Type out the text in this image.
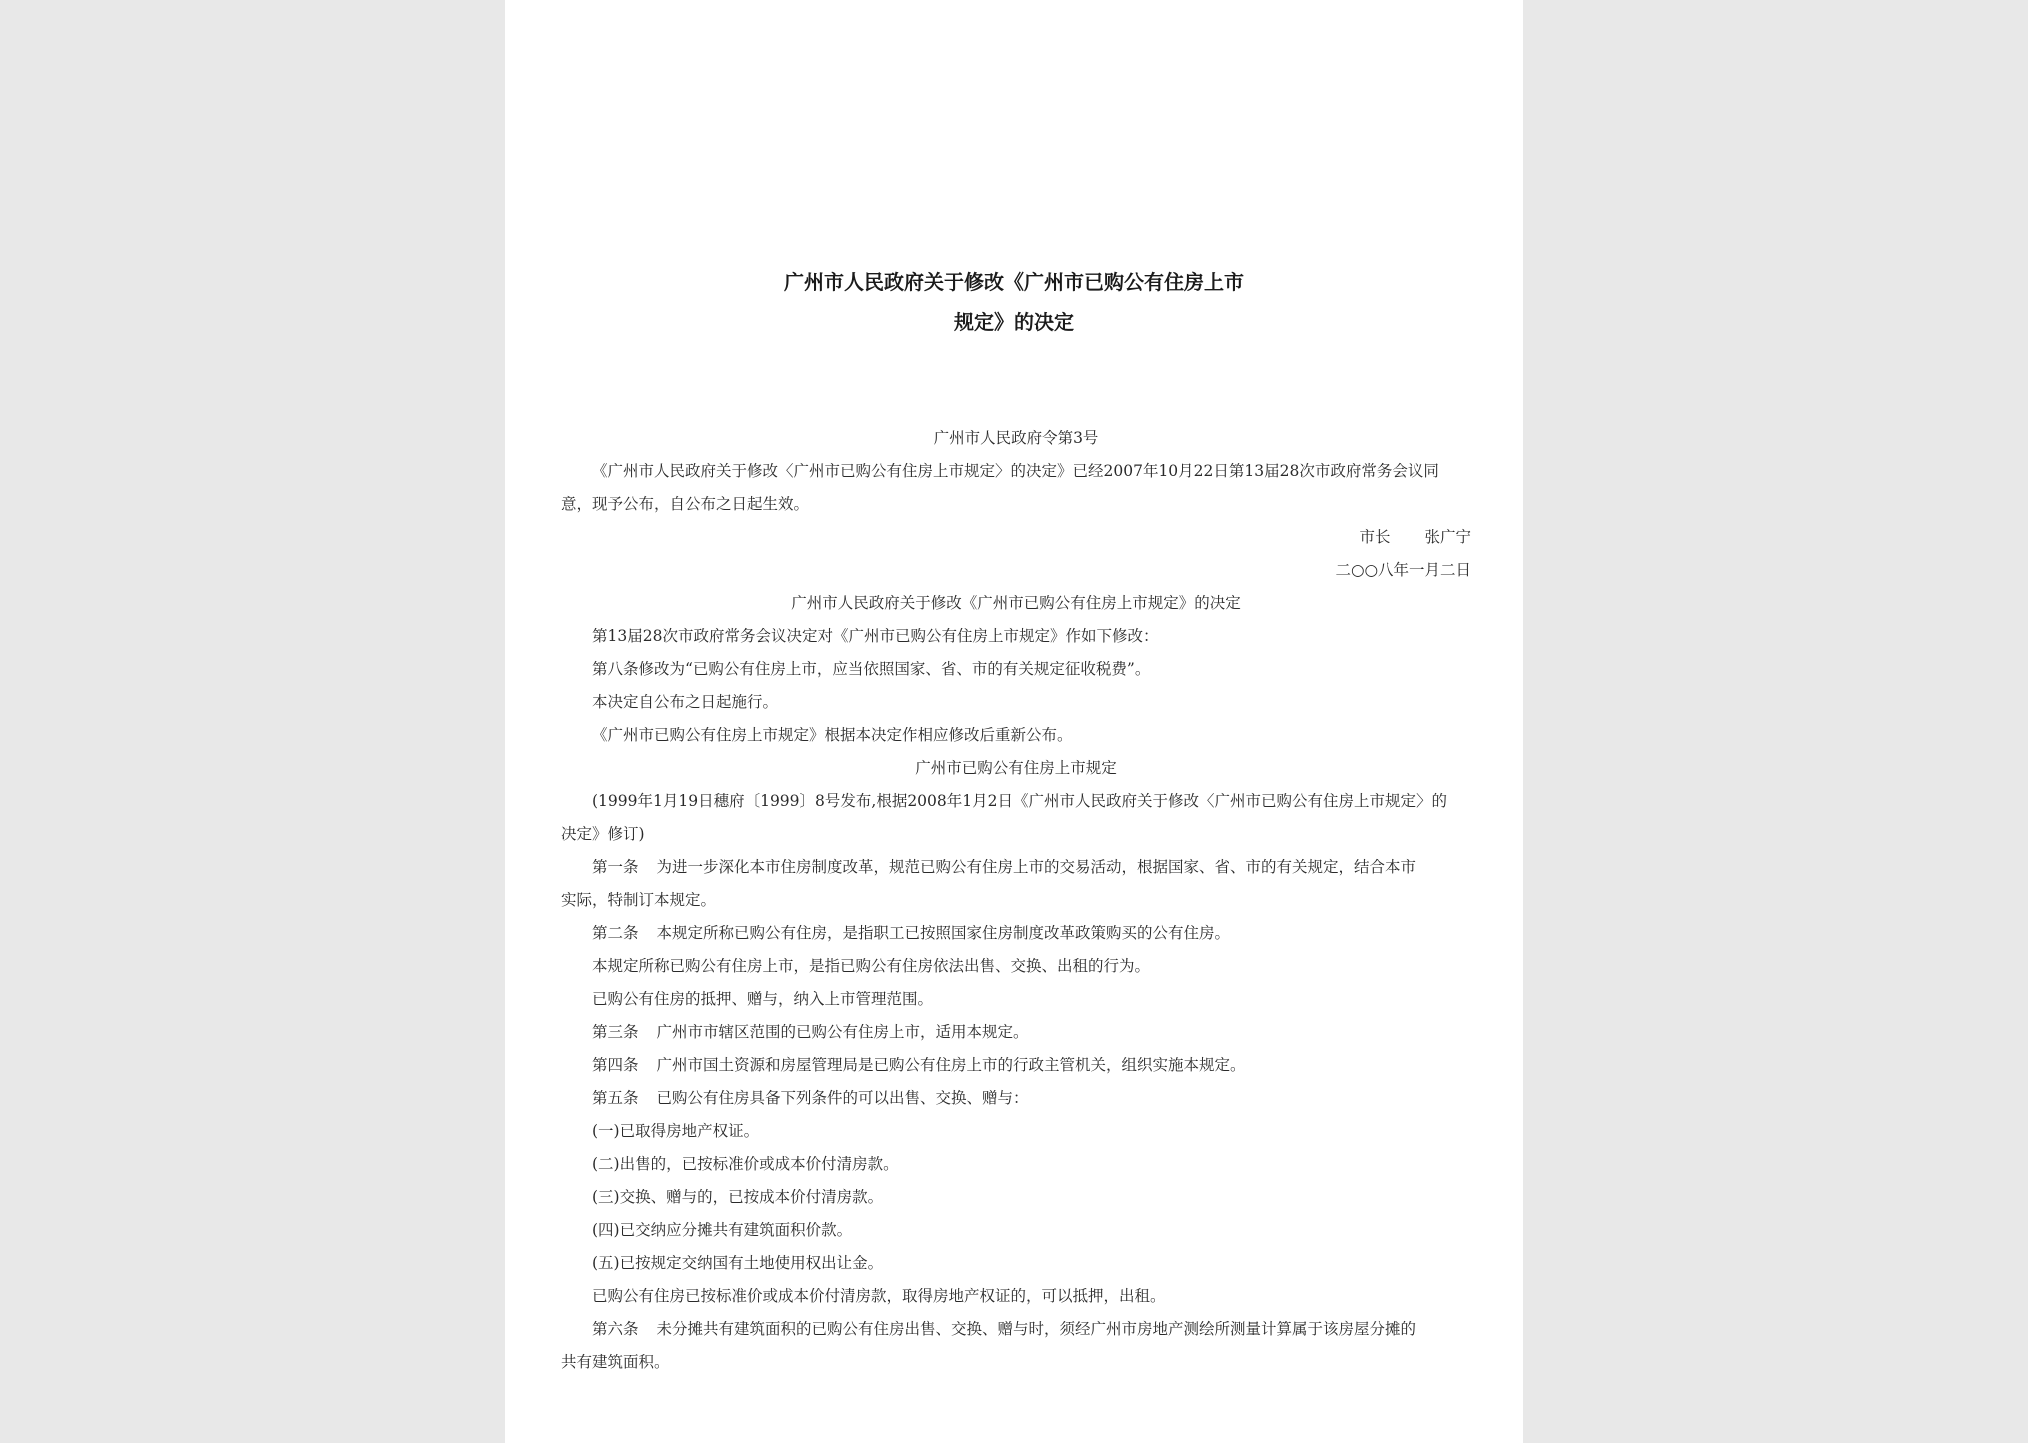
广州市人民政府关于修改《广州市已购公有住房上市
规定》的决定

广州市人民政府令第3号

《广州市人民政府关于修改〈广州市已购公有住房上市规定〉的决定》已经2007年10月22日第13届28次市政府常务会议同

意，现予公布，自公布之日起生效。

市长 张广宁

二○○八年一月二日

广州市人民政府关于修改《广州市已购公有住房上市规定》的决定

第13届28次市政府常务会议决定对《广州市已购公有住房上市规定》作如下修改：

第八条修改为“已购公有住房上市，应当依照国家、省、市的有关规定征收税费”。

本决定自公布之日起施行。

《广州市已购公有住房上市规定》根据本决定作相应修改后重新公布。

广州市已购公有住房上市规定

(1999年1月19日穗府〔1999〕8号发布,根据2008年1月2日《广州市人民政府关于修改〈广州市已购公有住房上市规定〉的

决定》修订)

第一条 为进一步深化本市住房制度改革，规范已购公有住房上市的交易活动，根据国家、省、市的有关规定，结合本市

实际，特制订本规定。

第二条 本规定所称已购公有住房，是指职工已按照国家住房制度改革政策购买的公有住房。

本规定所称已购公有住房上市，是指已购公有住房依法出售、交换、出租的行为。

已购公有住房的抵押、赠与，纳入上市管理范围。

第三条 广州市市辖区范围的已购公有住房上市，适用本规定。

第四条 广州市国土资源和房屋管理局是已购公有住房上市的行政主管机关，组织实施本规定。

第五条 已购公有住房具备下列条件的可以出售、交换、赠与：

(一)已取得房地产权证。

(二)出售的，已按标准价或成本价付清房款。

(三)交换、赠与的，已按成本价付清房款。

(四)已交纳应分摊共有建筑面积价款。

(五)已按规定交纳国有土地使用权出让金。

已购公有住房已按标准价或成本价付清房款，取得房地产权证的，可以抵押，出租。

第六条 未分摊共有建筑面积的已购公有住房出售、交换、赠与时，须经广州市房地产测绘所测量计算属于该房屋分摊的

共有建筑面积。
